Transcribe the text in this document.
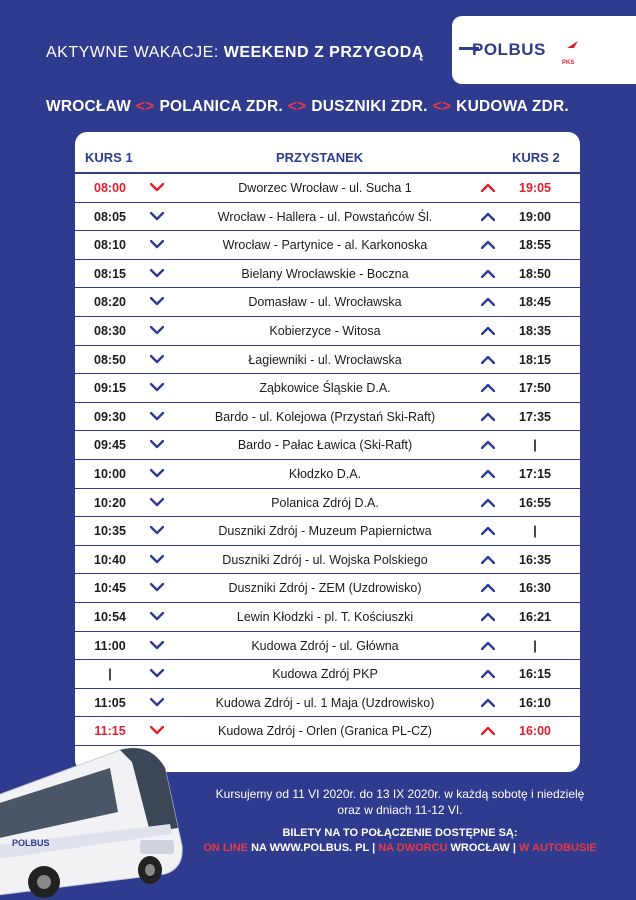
AKTYWNE WAKACJE: WEEKEND Z PRZYGODĄ	POLBUS
PKS
WROCŁAW <> POLANICA ZDR. <> DUSZNIKI ZDR. <> KUDOWA ZDR.
KURS 1	PRZYSTANEK	KURS 2
08:00	Dworzec Wrocław - ul. Sucha 1	19:05
08:05	Wrocław - Hallera - ul. Powstańców Śl.	19:00
08:10	Wrocław - Partynice - al. Karkonoska	18:55
08:15	Bielany Wrocławskie - Boczna	18:50
08:20	Domasław - ul. Wrocławska	18:45
08:30	Kobierzyce - Witosa	18:35
08:50	Łagiewniki - ul. Wrocławska	18:15
09:15	Ząbkowice Śląskie D.A.	17:50
09:30	Bardo - ul. Kolejowa (Przystań Ski-Raft)	17:35
09:45	Bardo - Pałac Ławica (Ski-Raft)	|
10:00	Kłodzko D.A.	17:15
10:20	Polanica Zdrój D.A.	16:55
10:35	Duszniki Zdrój - Muzeum Papiernictwa	|
10:40	Duszniki Zdrój - ul. Wojska Polskiego	16:35
10:45	Duszniki Zdrój - ZEM (Uzdrowisko)	16:30
10:54	Lewin Kłodzki - pl. T. Kościuszki	16:21
11:00	Kudowa Zdrój - ul. Główna	|
|	Kudowa Zdrój PKP	16:15
11:05	Kudowa Zdrój - ul. 1 Maja (Uzdrowisko)	16:10
11:15	Kudowa Zdrój - Orlen (Granica PL-CZ)	16:00
Kursujemy od 11 VI 2020r. do 13 IX 2020r. w każdą sobotę i niedzielę
oraz w dniach 11-12 VI.
BILETY NA TO POŁĄCZENIE DOSTĘPNE SĄ:
ON LINE NA WWW.POLBUS. PL | NA DWORCU WROCŁAW | W AUTOBUSIE
POLBUS
